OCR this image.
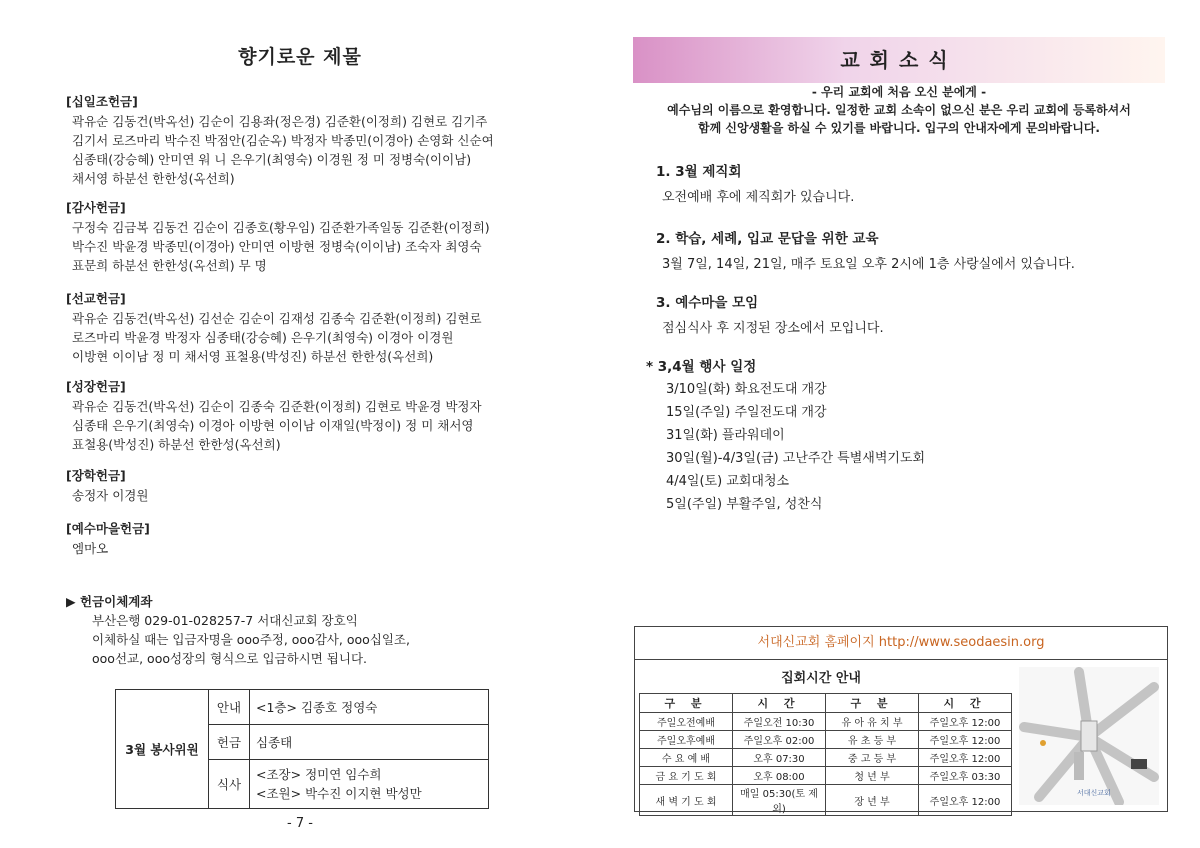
향기로운 제물
[십일조헌금]
곽유순 김동건(박옥선) 김순이 김용좌(정은경) 김준환(이정희) 김현로 김기주
김기서 로즈마리 박수진 박점안(김순옥) 박정자 박종민(이경아) 손영화 신순여
심종태(강승혜) 안미연 워 니 은우기(최영숙) 이경원 정 미 정병숙(이이남)
채서영 하분선 한한성(옥선희)
[감사헌금]
구정숙 김금복 김동건 김순이 김종호(황우임) 김준환가족일동 김준환(이정희)
박수진 박윤경 박종민(이경아) 안미연 이방현 정병숙(이이남) 조숙자 최영숙
표문희 하분선 한한성(옥선희) 무 명
[선교헌금]
곽유순 김동건(박옥선) 김선순 김순이 김재성 김종숙 김준환(이정희) 김현로
로즈마리 박윤경 박정자 심종태(강승혜) 은우기(최영숙) 이경아 이경원
이방현 이이남 정 미 채서영 표철용(박성진) 하분선 한한성(옥선희)
[성장헌금]
곽유순 김동건(박옥선) 김순이 김종숙 김준환(이정희) 김현로 박윤경 박정자
심종태 은우기(최영숙) 이경아 이방현 이이남 이재일(박정이) 정 미 채서영
표철용(박성진) 하분선 한한성(옥선희)
[장학헌금]
송정자 이경원
[예수마을헌금]
엠마오
▶ 헌금이체계좌
부산은행 029-01-028257-7 서대신교회 장호익
이체하실 때는 입금자명을 ooo주정, ooo감사, ooo십일조,
ooo선교, ooo성장의 형식으로 입금하시면 됩니다.
3월 봉사위원	안내	<1층> 김종호 정영숙
	헌금	심종태
	식사	<조장> 정미연 임수희
<조원> 박수진 이지현 박성만
- 7 -
교회소식
- 우리 교회에 처음 오신 분에게 -
예수님의 이름으로 환영합니다. 일정한 교회 소속이 없으신 분은 우리 교회에 등록하셔서
함께 신앙생활을 하실 수 있기를 바랍니다. 입구의 안내자에게 문의바랍니다.
1. 3월 제직회
오전예배 후에 제직회가 있습니다.
2. 학습, 세례, 입교 문답을 위한 교육
3월 7일, 14일, 21일, 매주 토요일 오후 2시에 1층 사랑실에서 있습니다.
3. 예수마을 모임
점심식사 후 지정된 장소에서 모입니다.
* 3,4월 행사 일정
3/10일(화) 화요전도대 개강
15일(주일) 주일전도대 개강
31일(화) 플라워데이
30일(월)-4/3일(금) 고난주간 특별새벽기도회
4/4일(토) 교회대청소
5일(주일) 부활주일, 성찬식
서대신교회 홈페이지 http://www.seodaesin.org
집회시간 안내
구 분	시 간	구 분	시 간
주일오전예배	주일오전 10:30	유 아 유 치 부	주일오후 12:00
주일오후예배	주일오후 02:00	유 초 등 부	주일오후 12:00
수 요 예 배	오후 07:30	중 고 등 부	주일오후 12:00
금 요 기 도 회	오후 08:00	청 년 부	주일오후 03:30
새 벽 기 도 회	매일 05:30(토 제외)	장 년 부	주일오후 12:00
서대신교회
